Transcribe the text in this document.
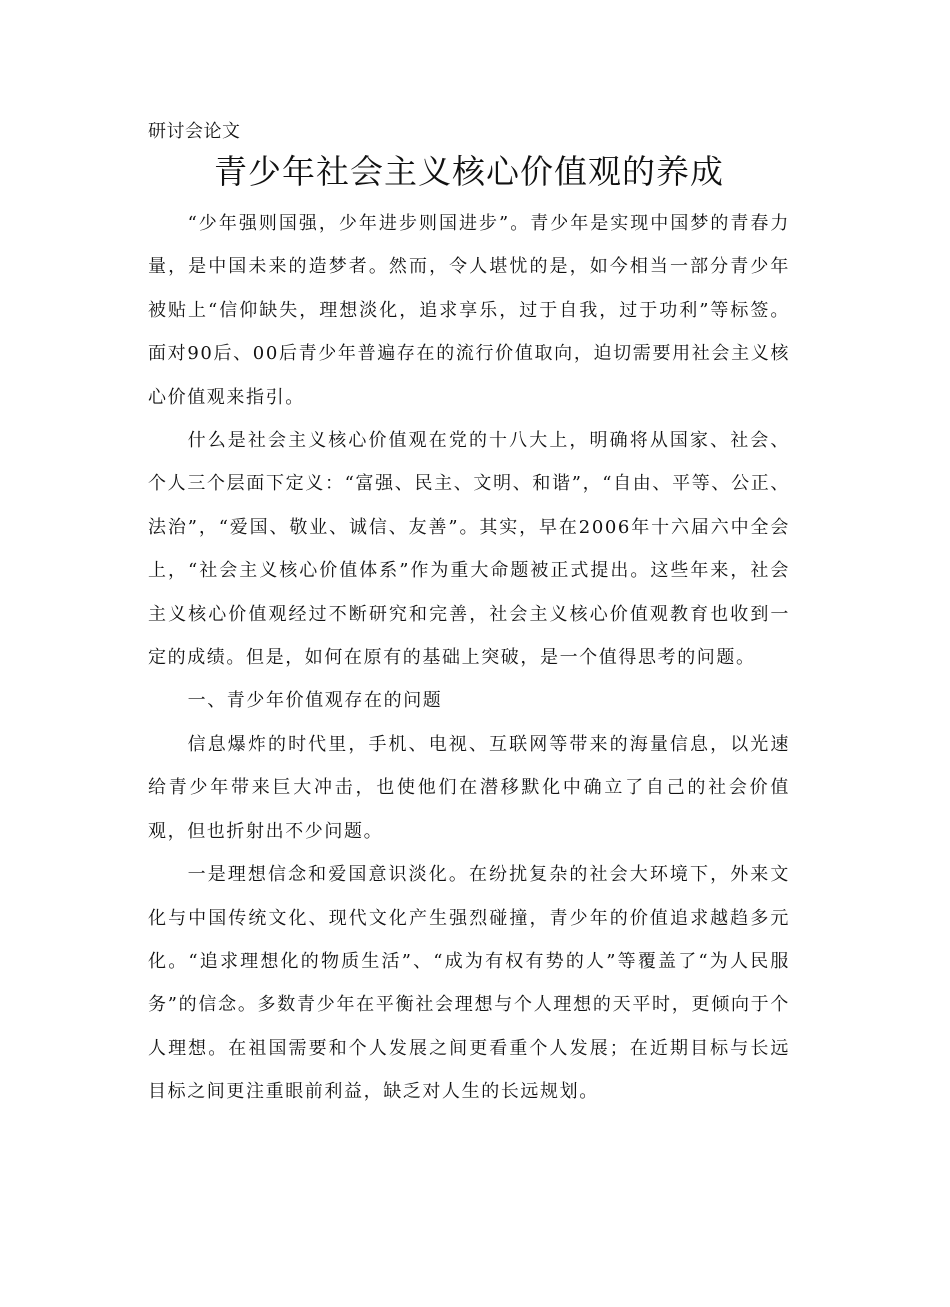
研讨会论文

青少年社会主义核心价值观的养成

“少年强则国强，少年进步则国进步”。青少年是实现中国梦的青春力量，是中国未来的造梦者。然而，令人堪忧的是，如今相当一部分青少年被贴上“信仰缺失，理想淡化，追求享乐，过于自我，过于功利”等标签。面对90后、00后青少年普遍存在的流行价值取向，迫切需要用社会主义核心价值观来指引。

什么是社会主义核心价值观在党的十八大上，明确将从国家、社会、个人三个层面下定义：“富强、民主、文明、和谐”，“自由、平等、公正、法治”，“爱国、敬业、诚信、友善”。其实，早在2006年十六届六中全会上，“社会主义核心价值体系”作为重大命题被正式提出。这些年来，社会主义核心价值观经过不断研究和完善，社会主义核心价值观教育也收到一定的成绩。但是，如何在原有的基础上突破，是一个值得思考的问题。

一、青少年价值观存在的问题

信息爆炸的时代里，手机、电视、互联网等带来的海量信息，以光速给青少年带来巨大冲击，也使他们在潜移默化中确立了自己的社会价值观，但也折射出不少问题。

一是理想信念和爱国意识淡化。在纷扰复杂的社会大环境下，外来文化与中国传统文化、现代文化产生强烈碰撞，青少年的价值追求越趋多元化。“追求理想化的物质生活”、“成为有权有势的人”等覆盖了“为人民服务”的信念。多数青少年在平衡社会理想与个人理想的天平时，更倾向于个人理想。在祖国需要和个人发展之间更看重个人发展；在近期目标与长远目标之间更注重眼前利益，缺乏对人生的长远规划。
